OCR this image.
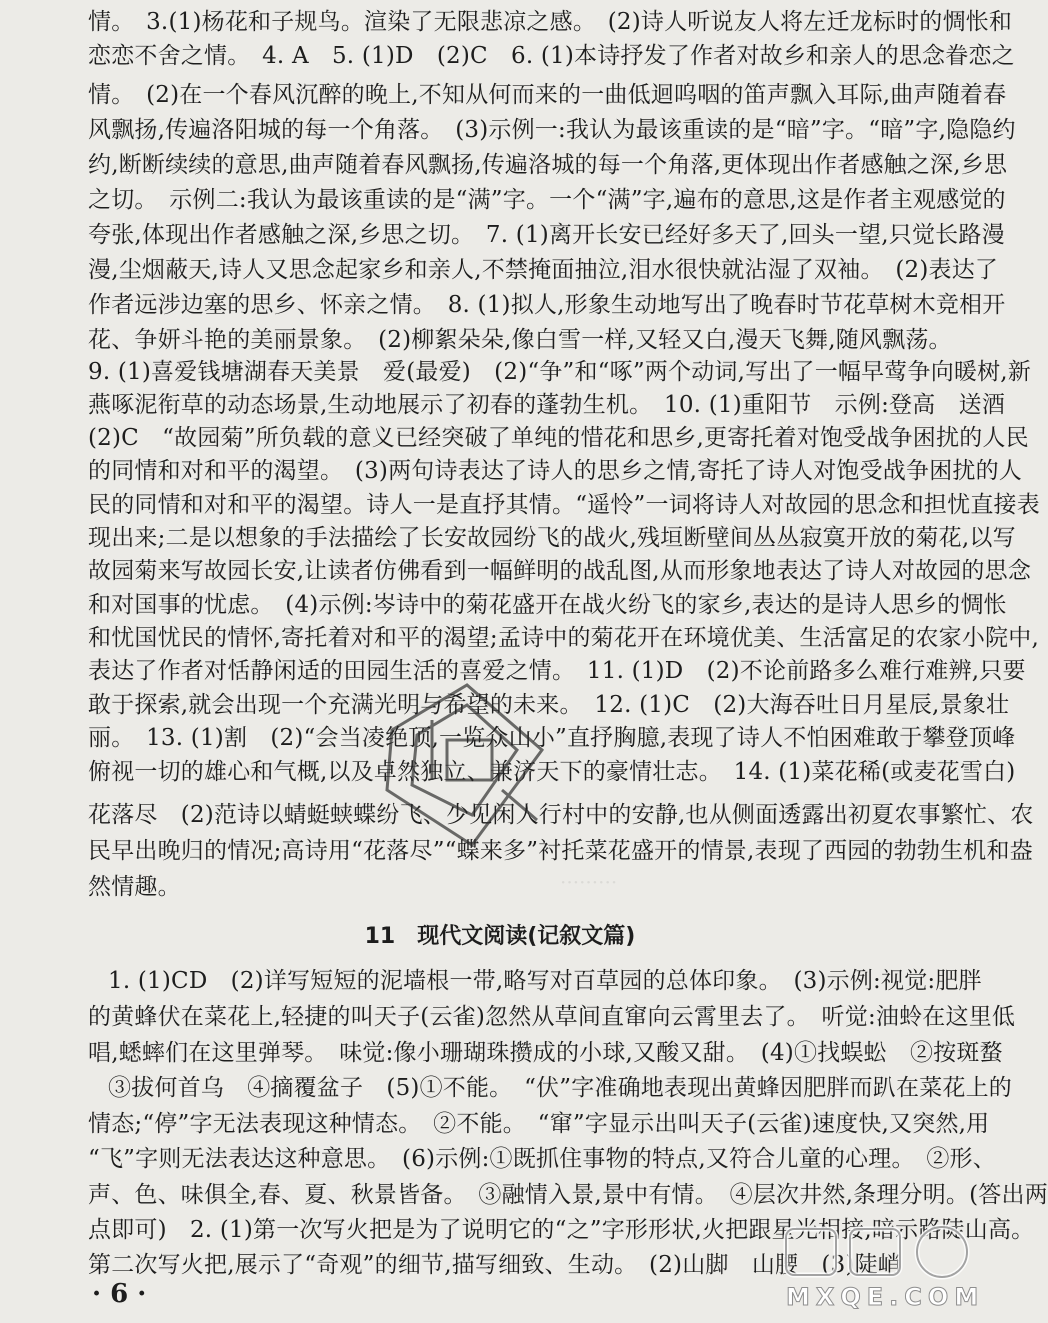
·········
情。　3.(1)杨花和子规鸟。渲染了无限悲凉之感。　(2)诗人听说友人将左迁龙标时的惆怅和
恋恋不舍之情。　4. A　5. (1)D　(2)C　6. (1)本诗抒发了作者对故乡和亲人的思念眷恋之
情。　(2)在一个春风沉醉的晚上,不知从何而来的一曲低迴呜咽的笛声飘入耳际,曲声随着春
风飘扬,传遍洛阳城的每一个角落。　(3)示例一:我认为最该重读的是“暗”字。“暗”字,隐隐约
约,断断续续的意思,曲声随着春风飘扬,传遍洛城的每一个角落,更体现出作者感触之深,乡思
之切。　示例二:我认为最该重读的是“满”字。一个“满”字,遍布的意思,这是作者主观感觉的
夸张,体现出作者感触之深,乡思之切。　7. (1)离开长安已经好多天了,回头一望,只觉长路漫
漫,尘烟蔽天,诗人又思念起家乡和亲人,不禁掩面抽泣,泪水很快就沾湿了双袖。　(2)表达了
作者远涉边塞的思乡、怀亲之情。　8. (1)拟人,形象生动地写出了晚春时节花草树木竞相开
花、争妍斗艳的美丽景象。　(2)柳絮朵朵,像白雪一样,又轻又白,漫天飞舞,随风飘荡。
9. (1)喜爱钱塘湖春天美景　爱(最爱)　(2)“争”和“啄”两个动词,写出了一幅早莺争向暖树,新
燕啄泥衔草的动态场景,生动地展示了初春的蓬勃生机。　10. (1)重阳节　示例:登高　送酒
(2)C　“故园菊”所负载的意义已经突破了单纯的惜花和思乡,更寄托着对饱受战争困扰的人民
的同情和对和平的渴望。　(3)两句诗表达了诗人的思乡之情,寄托了诗人对饱受战争困扰的人
民的同情和对和平的渴望。诗人一是直抒其情。“遥怜”一词将诗人对故园的思念和担忧直接表
现出来;二是以想象的手法描绘了长安故园纷飞的战火,残垣断壁间丛丛寂寞开放的菊花,以写
故园菊来写故园长安,让读者仿佛看到一幅鲜明的战乱图,从而形象地表达了诗人对故园的思念
和对国事的忧虑。　(4)示例:岑诗中的菊花盛开在战火纷飞的家乡,表达的是诗人思乡的惆怅
和忧国忧民的情怀,寄托着对和平的渴望;孟诗中的菊花开在环境优美、生活富足的农家小院中,
表达了作者对恬静闲适的田园生活的喜爱之情。　11. (1)D　(2)不论前路多么难行难辨,只要
敢于探索,就会出现一个充满光明与希望的未来。　12. (1)C　(2)大海吞吐日月星辰,景象壮
丽。　13. (1)割　(2)“会当凌绝顶,一览众山小”直抒胸臆,表现了诗人不怕困难敢于攀登顶峰
俯视一切的雄心和气概,以及卓然独立、兼济天下的豪情壮志。　14. (1)菜花稀(或麦花雪白)
花落尽　(2)范诗以蜻蜓蛱蝶纷飞、少见闲人行村中的安静,也从侧面透露出初夏农事繁忙、农
民早出晚归的情况;高诗用“花落尽”“蝶来多”衬托菜花盛开的情景,表现了西园的勃勃生机和盎
然情趣。
11 现代文阅读(记叙文篇)
1. (1)CD　(2)详写短短的泥墙根一带,略写对百草园的总体印象。　(3)示例:视觉:肥胖
的黄蜂伏在菜花上,轻捷的叫天子(云雀)忽然从草间直窜向云霄里去了。　听觉:油蛉在这里低
唱,蟋蟀们在这里弹琴。　味觉:像小珊瑚珠攒成的小球,又酸又甜。　(4)①找蜈蚣　②按斑蝥
③拔何首乌　④摘覆盆子　(5)①不能。　“伏”字准确地表现出黄蜂因肥胖而趴在菜花上的
情态;“停”字无法表现这种情态。　②不能。　“窜”字显示出叫天子(云雀)速度快,又突然,用
“飞”字则无法表达这种意思。　(6)示例:①既抓住事物的特点,又符合儿童的心理。　②形、
声、色、味俱全,春、夏、秋景皆备。　③融情入景,景中有情。　④层次井然,条理分明。(答出两
点即可)　2. (1)第一次写火把是为了说明它的“之”字形形状,火把跟星光相接,暗示路陡山高。
第二次写火把,展示了“奇观”的细节,描写细致、生动。　(2)山脚　山腰　(3)陡峭
· 6 ·	MXQE.COM
